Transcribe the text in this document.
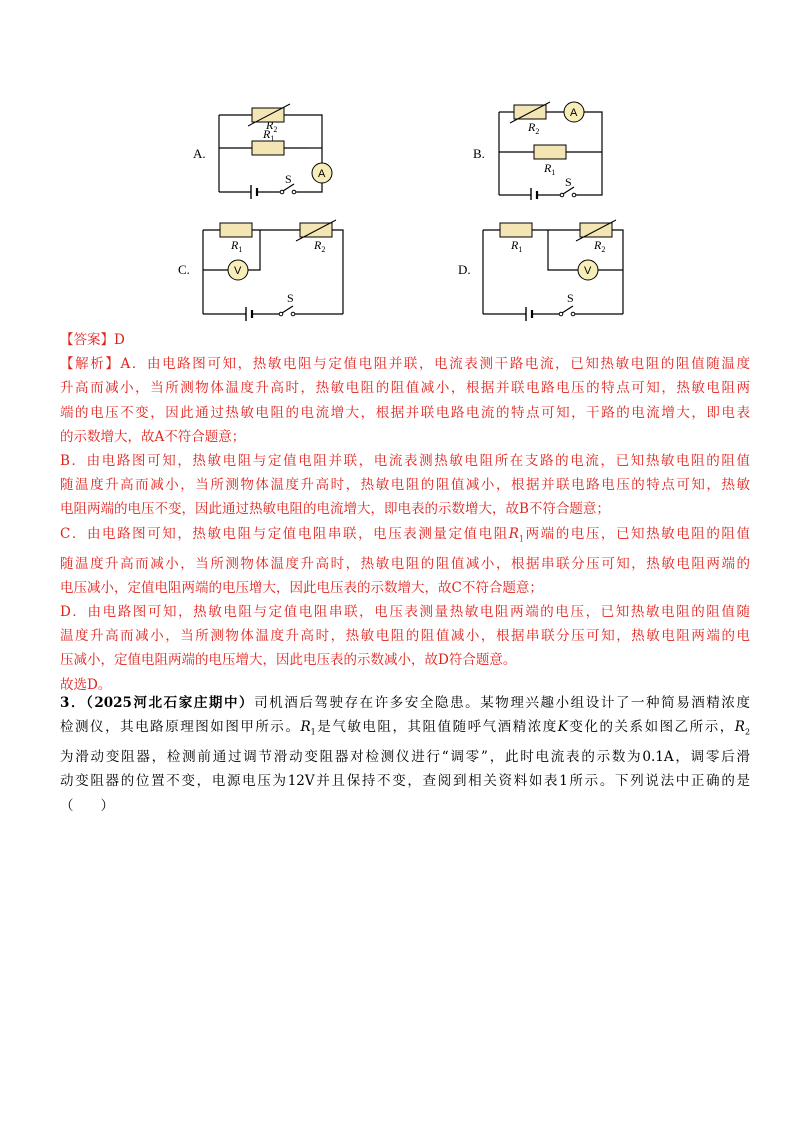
A.
$R_2$
$R_1$
A
S
B.
$R_2$
$R_1$
A
S
C.
$R_1$	$R_2$
V
S
D.
$R_1$	$R_2$
V
S
【答案】D
【解析】A．由电路图可知，热敏电阻与定值电阻并联，电流表测干路电流，已知热敏电阻的阻值随温度
升高而减小，当所测物体温度升高时，热敏电阻的阻值减小，根据并联电路电压的特点可知，热敏电阻两
端的电压不变，因此通过热敏电阻的电流增大，根据并联电路电流的特点可知，干路的电流增大，即电表
的示数增大，故A不符合题意；
B．由电路图可知，热敏电阻与定值电阻并联，电流表测热敏电阻所在支路的电流，已知热敏电阻的阻值
随温度升高而减小，当所测物体温度升高时，热敏电阻的阻值减小，根据并联电路电压的特点可知，热敏
电阻两端的电压不变，因此通过热敏电阻的电流增大，即电表的示数增大，故B不符合题意；
C．由电路图可知，热敏电阻与定值电阻串联，电压表测量定值电阻$R_1$两端的电压，已知热敏电阻的阻值
随温度升高而减小，当所测物体温度升高时，热敏电阻的阻值减小，根据串联分压可知，热敏电阻两端的
电压减小，定值电阻两端的电压增大，因此电压表的示数增大，故C不符合题意；
D．由电路图可知，热敏电阻与定值电阻串联，电压表测量热敏电阻两端的电压，已知热敏电阻的阻值随
温度升高而减小，当所测物体温度升高时，热敏电阻的阻值减小，根据串联分压可知，热敏电阻两端的电
压减小，定值电阻两端的电压增大，因此电压表的示数减小，故D符合题意。
故选D。
3．（2025河北石家庄期中）司机酒后驾驶存在许多安全隐患。某物理兴趣小组设计了一种简易酒精浓度
检测仪，其电路原理图如图甲所示。$R_1$是气敏电阻，其阻值随呼气酒精浓度K变化的关系如图乙所示，$R_2$
为滑动变阻器，检测前通过调节滑动变阻器对检测仪进行“调零”，此时电流表的示数为0.1A，调零后滑
动变阻器的位置不变，电源电压为12V并且保持不变，查阅到相关资料如表1所示。下列说法中正确的是
（　　）
